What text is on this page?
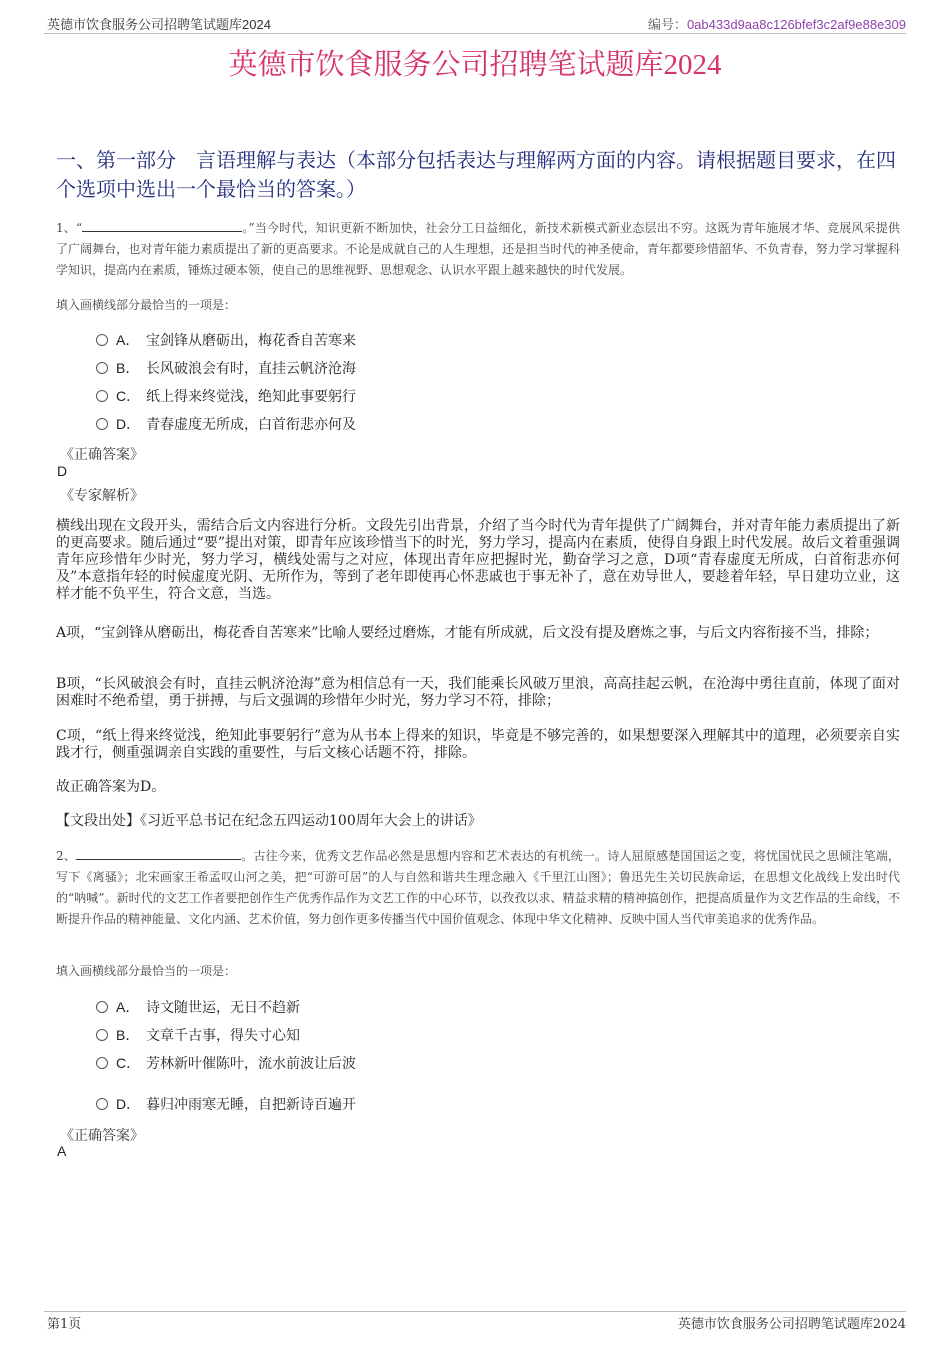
英德市饮食服务公司招聘笔试题库2024	编号：0ab433d9aa8c126bfef3c2af9e88e309
英德市饮食服务公司招聘笔试题库2024
一、第一部分　言语理解与表达（本部分包括表达与理解两方面的内容。请根据题目要求，在四个选项中选出一个最恰当的答案。）
1、“	。”当今时代，知识更新不断加快，社会分工日益细化，新技术新模式新业态层出不穷。这既为青年施展才华、竞展风采提供了广阔舞台，也对青年能力素质提出了新的更高要求。不论是成就自己的人生理想，还是担当时代的神圣使命，青年都要珍惜韶华、不负青春，努力学习掌握科学知识，提高内在素质，锤炼过硬本领，使自己的思维视野、思想观念、认识水平跟上越来越快的时代发展。
填入画横线部分最恰当的一项是：
A． 宝剑锋从磨砺出，梅花香自苦寒来
B． 长风破浪会有时，直挂云帆济沧海
C． 纸上得来终觉浅，绝知此事要躬行
D． 青春虚度无所成，白首衔悲亦何及
《正确答案》
D
《专家解析》
横线出现在文段开头，需结合后文内容进行分析。文段先引出背景，介绍了当今时代为青年提供了广阔舞台，并对青年能力素质提出了新的更高要求。随后通过“要”提出对策，即青年应该珍惜当下的时光，努力学习，提高内在素质，使得自身跟上时代发展。故后文着重强调青年应珍惜年少时光，努力学习，横线处需与之对应，体现出青年应把握时光，勤奋学习之意，D项“青春虚度无所成，白首衔悲亦何及”本意指年轻的时候虚度光阴、无所作为，等到了老年即使再心怀悲戚也于事无补了，意在劝导世人，要趁着年轻，早日建功立业，这样才能不负平生，符合文意，当选。
A项，“宝剑锋从磨砺出，梅花香自苦寒来”比喻人要经过磨炼，才能有所成就，后文没有提及磨炼之事，与后文内容衔接不当，排除；
B项，“长风破浪会有时，直挂云帆济沧海”意为相信总有一天，我们能乘长风破万里浪，高高挂起云帆，在沧海中勇往直前，体现了面对困难时不绝希望，勇于拼搏，与后文强调的珍惜年少时光，努力学习不符，排除；
C项，“纸上得来终觉浅，绝知此事要躬行”意为从书本上得来的知识，毕竟是不够完善的，如果想要深入理解其中的道理，必须要亲自实践才行，侧重强调亲自实践的重要性，与后文核心话题不符，排除。
故正确答案为D。
【文段出处】《习近平总书记在纪念五四运动100周年大会上的讲话》
2、	。古往今来，优秀文艺作品必然是思想内容和艺术表达的有机统一。诗人屈原感楚国国运之变，将忧国忧民之思倾注笔端，写下《离骚》；北宋画家王希孟叹山河之美，把“可游可居”的人与自然和谐共生理念融入《千里江山图》；鲁迅先生关切民族命运，在思想文化战线上发出时代的“呐喊”。新时代的文艺工作者要把创作生产优秀作品作为文艺工作的中心环节，以孜孜以求、精益求精的精神搞创作，把提高质量作为文艺作品的生命线，不断提升作品的精神能量、文化内涵、艺术价值，努力创作更多传播当代中国价值观念、体现中华文化精神、反映中国人当代审美追求的优秀作品。
填入画横线部分最恰当的一项是：
A． 诗文随世运，无日不趋新
B． 文章千古事，得失寸心知
C． 芳林新叶催陈叶，流水前波让后波
D． 暮归冲雨寒无睡，自把新诗百遍开
《正确答案》
A
第1页	英德市饮食服务公司招聘笔试题库2024
